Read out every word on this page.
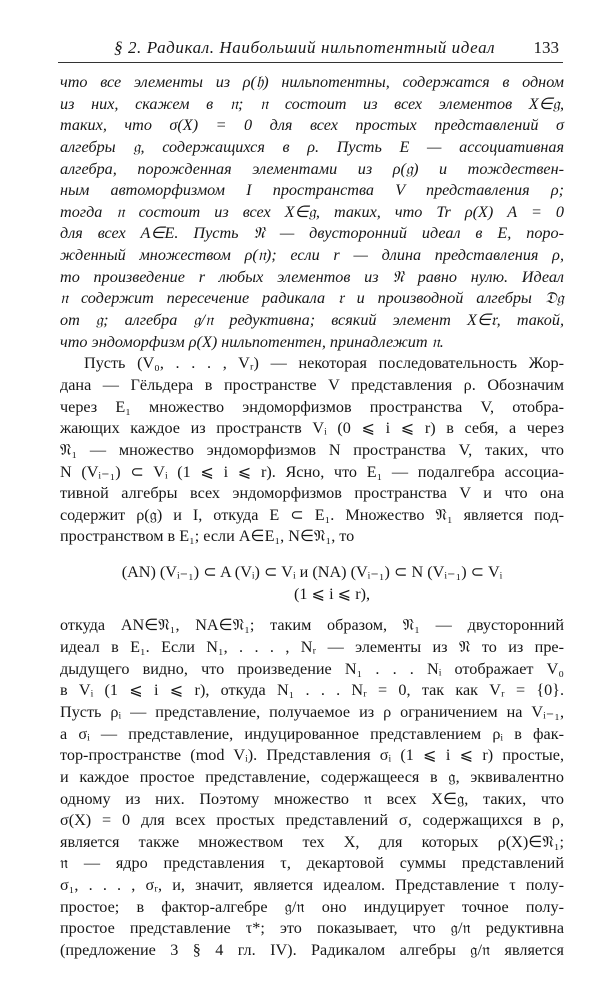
§ 2. Радикал. Наибольший нильпотентный идеал 133
что все элементы из ρ(𝔥) нильпотентны, содержатся в одном
из них, скажем в 𝔫; 𝔫 состоит из всех элементов X∈𝔤,
таких, что σ(X) = 0 для всех простых представлений σ
алгебры 𝔤, содержащихся в ρ. Пусть E — ассоциативная
алгебра, порожденная элементами из ρ(𝔤) и тождествен-
ным автоморфизмом I пространства V представления ρ;
тогда 𝔫 состоит из всех X∈𝔤, таких, что Tr ρ(X) A = 0
для всех A∈E. Пусть 𝔑 — двусторонний идеал в E, поро-
жденный множеством ρ(𝔫); если r — длина представления ρ,
то произведение r любых элементов из 𝔑 равно нулю. Идеал
𝔫 содержит пересечение радикала 𝔯 и производной алгебры 𝔇𝔤
от 𝔤; алгебра 𝔤/𝔫 редуктивна; всякий элемент X∈𝔯, такой,
что эндоморфизм ρ(X) нильпотентен, принадлежит 𝔫.
Пусть (V₀, . . . , Vᵣ) — некоторая последовательность Жор-
дана — Гёльдера в пространстве V представления ρ. Обозначим
через E₁ множество эндоморфизмов пространства V, отобра-
жающих каждое из пространств Vᵢ (0 ⩽ i ⩽ r) в себя, а через
𝔑₁ — множество эндоморфизмов N пространства V, таких, что
N (Vᵢ₋₁) ⊂ Vᵢ (1 ⩽ i ⩽ r). Ясно, что E₁ — подалгебра ассоциа-
тивной алгебры всех эндоморфизмов пространства V и что она
содержит ρ(𝔤) и I, откуда E ⊂ E₁. Множество 𝔑₁ является под-
пространством в E₁; если A∈E₁, N∈𝔑₁, то
(AN) (Vᵢ₋₁) ⊂ A (Vᵢ) ⊂ Vᵢ и (NA) (Vᵢ₋₁) ⊂ N (Vᵢ₋₁) ⊂ Vᵢ
(1 ⩽ i ⩽ r),
откуда AN∈𝔑₁, NA∈𝔑₁; таким образом, 𝔑₁ — двусторонний
идеал в E₁. Если N₁, . . . , Nᵣ — элементы из 𝔑 то из пре-
дыдущего видно, что произведение N₁ . . . Nᵢ отображает V₀
в Vᵢ (1 ⩽ i ⩽ r), откуда N₁ . . . Nᵣ = 0, так как Vᵣ = {0}.
Пусть ρᵢ — представление, получаемое из ρ ограничением на Vᵢ₋₁,
a σᵢ — представление, индуцированное представлением ρᵢ в фак-
тор-пространстве (mod Vᵢ). Представления σᵢ (1 ⩽ i ⩽ r) простые,
и каждое простое представление, содержащееся в 𝔤, эквивалентно
одному из них. Поэтому множество 𝔫 всех X∈𝔤, таких, что
σ(X) = 0 для всех простых представлений σ, содержащихся в ρ,
является также множеством тех X, для которых ρ(X)∈𝔑₁;
𝔫 — ядро представления τ, декартовой суммы представлений
σ₁, . . . , σᵣ, и, значит, является идеалом. Представление τ полу-
простое; в фактор-алгебре 𝔤/𝔫 оно индуцирует точное полу-
простое представление τ*; это показывает, что 𝔤/𝔫 редуктивна
(предложение 3 § 4 гл. IV). Радикалом алгебры 𝔤/𝔫 является
